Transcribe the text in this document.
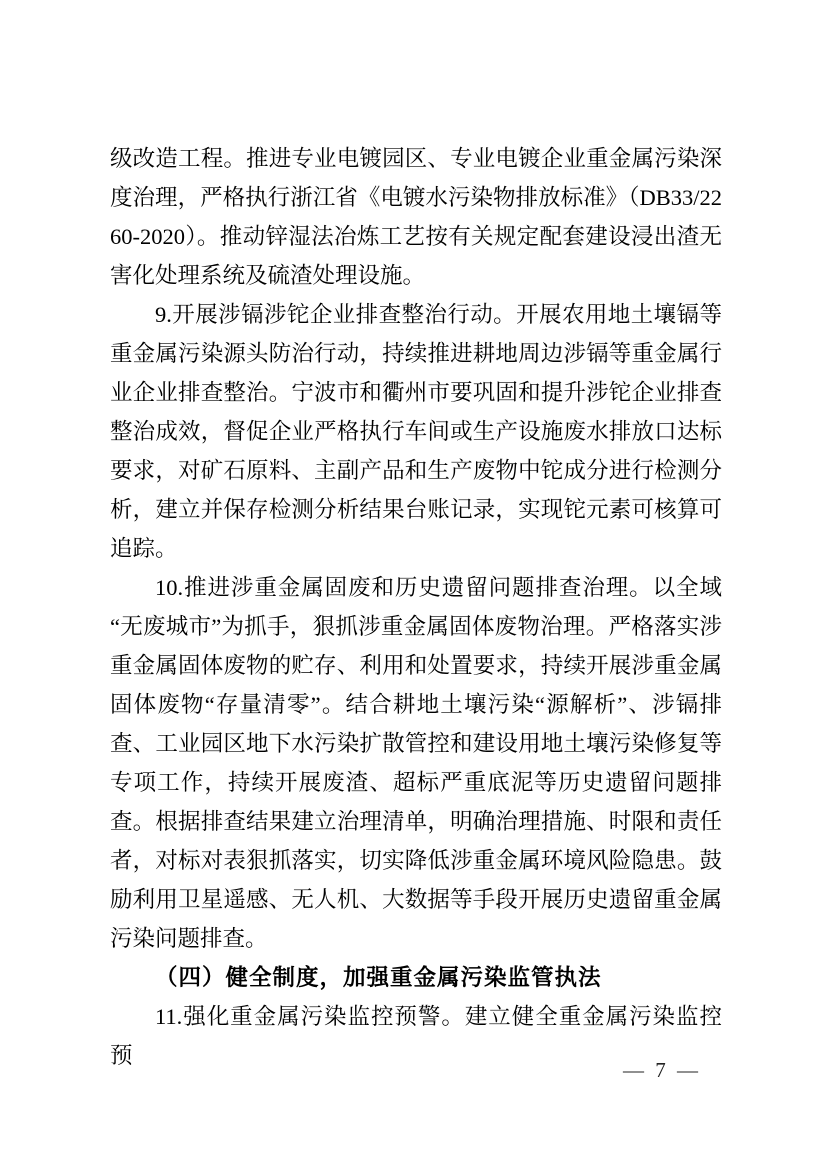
级改造工程。推进专业电镀园区、专业电镀企业重金属污染深度治理，严格执行浙江省《电镀水污染物排放标准》（DB33/2260-2020）。推动锌湿法冶炼工艺按有关规定配套建设浸出渣无害化处理系统及硫渣处理设施。

9.开展涉镉涉铊企业排查整治行动。开展农用地土壤镉等重金属污染源头防治行动，持续推进耕地周边涉镉等重金属行业企业排查整治。宁波市和衢州市要巩固和提升涉铊企业排查整治成效，督促企业严格执行车间或生产设施废水排放口达标要求，对矿石原料、主副产品和生产废物中铊成分进行检测分析，建立并保存检测分析结果台账记录，实现铊元素可核算可追踪。

10.推进涉重金属固废和历史遗留问题排查治理。以全域“无废城市”为抓手，狠抓涉重金属固体废物治理。严格落实涉重金属固体废物的贮存、利用和处置要求，持续开展涉重金属固体废物“存量清零”。结合耕地土壤污染“源解析”、涉镉排查、工业园区地下水污染扩散管控和建设用地土壤污染修复等专项工作，持续开展废渣、超标严重底泥等历史遗留问题排查。根据排查结果建立治理清单，明确治理措施、时限和责任者，对标对表狠抓落实，切实降低涉重金属环境风险隐患。鼓励利用卫星遥感、无人机、大数据等手段开展历史遗留重金属污染问题排查。

（四）健全制度，加强重金属污染监管执法

11.强化重金属污染监控预警。建立健全重金属污染监控预

— 7 —
